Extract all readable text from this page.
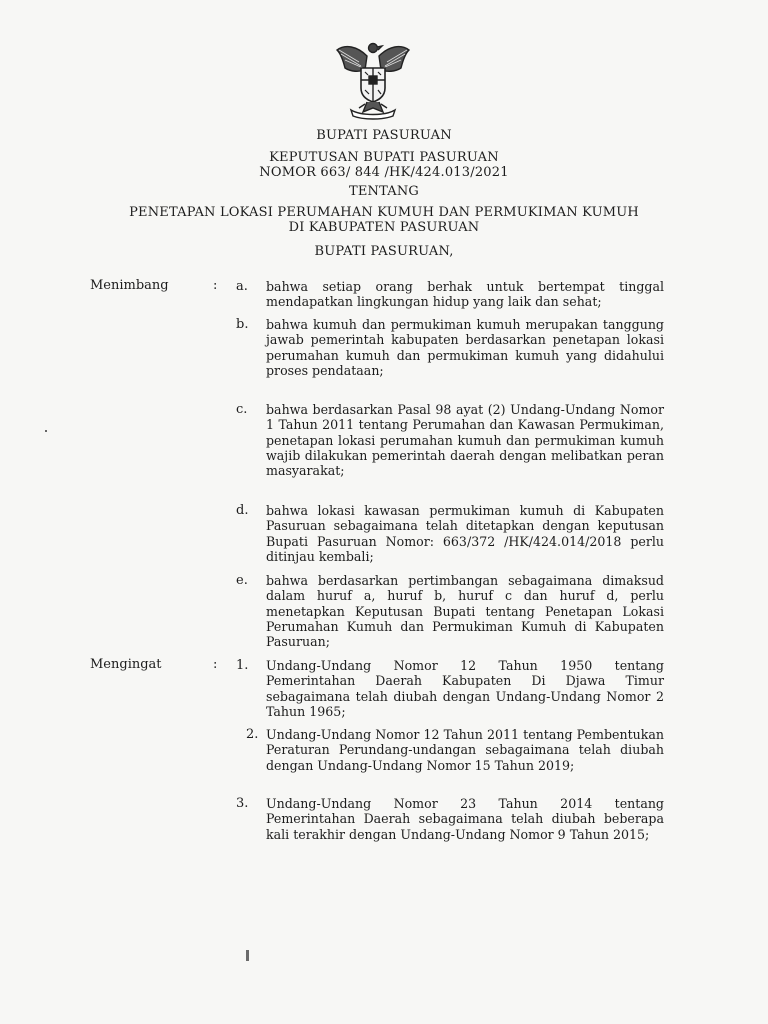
BUPATI PASURUAN
KEPUTUSAN BUPATI PASURUAN
NOMOR 663/ 844 /HK/424.013/2021
TENTANG
PENETAPAN LOKASI PERUMAHAN KUMUH DAN PERMUKIMAN KUMUH
DI KABUPATEN PASURUAN
BUPATI PASURUAN,
Menimbang	: a.	bahwa setiap orang berhak untuk bertempat tinggal mendapatkan lingkungan hidup yang laik dan sehat;
b.	bahwa kumuh dan permukiman kumuh merupakan tanggung jawab pemerintah kabupaten berdasarkan penetapan lokasi perumahan kumuh dan permukiman kumuh yang didahului proses pendataan;
c.	bahwa berdasarkan Pasal 98 ayat (2) Undang-Undang Nomor 1 Tahun 2011 tentang Perumahan dan Kawasan Permukiman, penetapan lokasi perumahan kumuh dan permukiman kumuh wajib dilakukan pemerintah daerah dengan melibatkan peran masyarakat;
d.	bahwa lokasi kawasan permukiman kumuh di Kabupaten Pasuruan sebagaimana telah ditetapkan dengan keputusan Bupati Pasuruan Nomor: 663/372 /HK/424.014/2018 perlu ditinjau kembali;
e.	bahwa berdasarkan pertimbangan sebagaimana dimaksud dalam huruf a, huruf b, huruf c dan huruf d, perlu menetapkan Keputusan Bupati tentang Penetapan Lokasi Perumahan Kumuh dan Permukiman Kumuh di Kabupaten Pasuruan;
Mengingat	: 1.	Undang-Undang Nomor 12 Tahun 1950 tentang Pemerintahan Daerah Kabupaten Di Djawa Timur sebagaimana telah diubah dengan Undang-Undang Nomor 2 Tahun 1965;
2. Undang-Undang Nomor 12 Tahun 2011 tentang Pembentukan Peraturan Perundang-undangan sebagaimana telah diubah dengan Undang-Undang Nomor 15 Tahun 2019;
3.	Undang-Undang Nomor 23 Tahun 2014 tentang Pemerintahan Daerah sebagaimana telah diubah beberapa kali terakhir dengan Undang-Undang Nomor 9 Tahun 2015;
